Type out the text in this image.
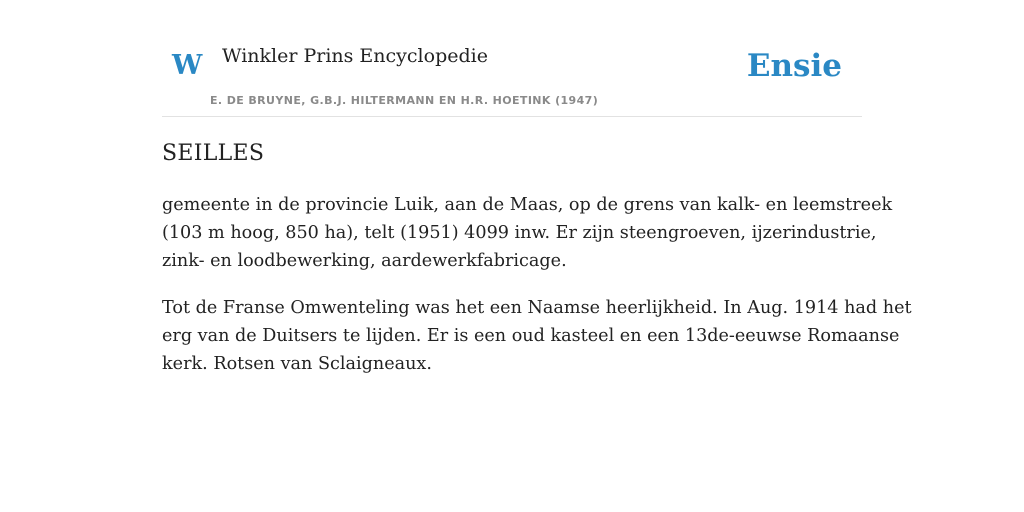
W Winkler Prins Encyclopedie
E. DE BRUYNE, G.B.J. HILTERMANN EN H.R. HOETINK (1947)
Ensie
SEILLES

gemeente in de provincie Luik, aan de Maas, op de grens van kalk- en leemstreek
(103 m hoog, 850 ha), telt (1951) 4099 inw. Er zijn steengroeven, ijzerindustrie,
zink- en loodbewerking, aardewerkfabricage.

Tot de Franse Omwenteling was het een Naamse heerlijkheid. In Aug. 1914 had het
erg van de Duitsers te lijden. Er is een oud kasteel en een 13de-eeuwse Romaanse
kerk. Rotsen van Sclaigneaux.
